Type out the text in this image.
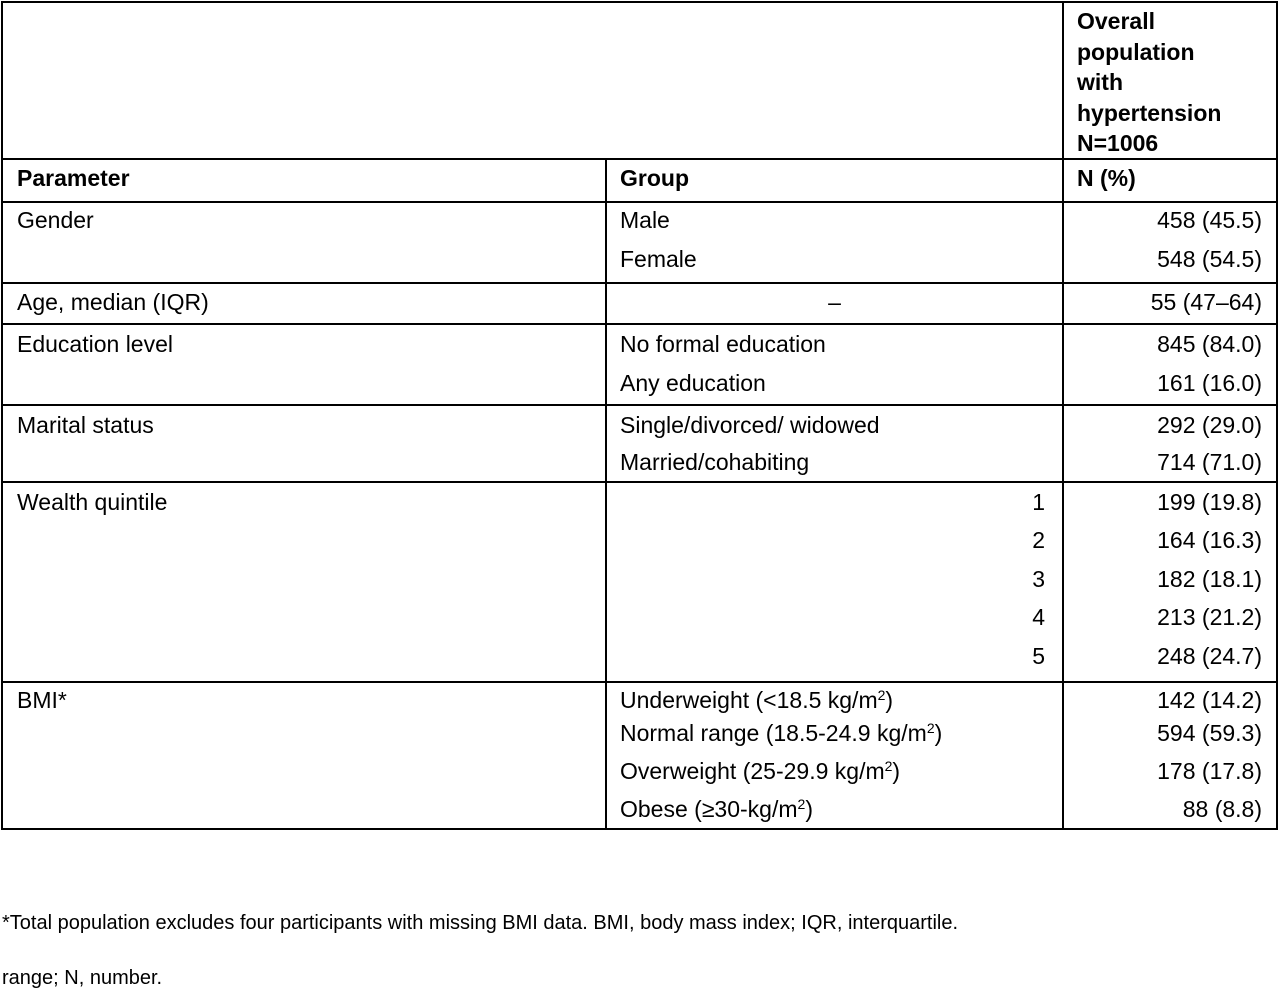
Overall
population
with
hypertension
N=1006
Parameter	Group	N (%)
Gender	Male	458 (45.5)
Female	548 (54.5)
Age, median (IQR)	–	55 (47–64)
Education level	No formal education	845 (84.0)
Any education	161 (16.0)
Marital status	Single/divorced/ widowed	292 (29.0)
Married/cohabiting	714 (71.0)
Wealth quintile	1	199 (19.8)
2	164 (16.3)
3	182 (18.1)
4	213 (21.2)
5	248 (24.7)
BMI*	Underweight (<18.5 $kg/m^2$)	142 (14.2)
Normal range (18.5-24.9 $kg/m^2$)	594 (59.3)
Overweight (25-29.9 $kg/m^2$)	178 (17.8)
Obese $(\ge 30-kg/m^2)$	88 (8.8)
*Total population excludes four participants with missing BMI data. BMI, body mass index; IQR, interquartile.
range; N, number.
